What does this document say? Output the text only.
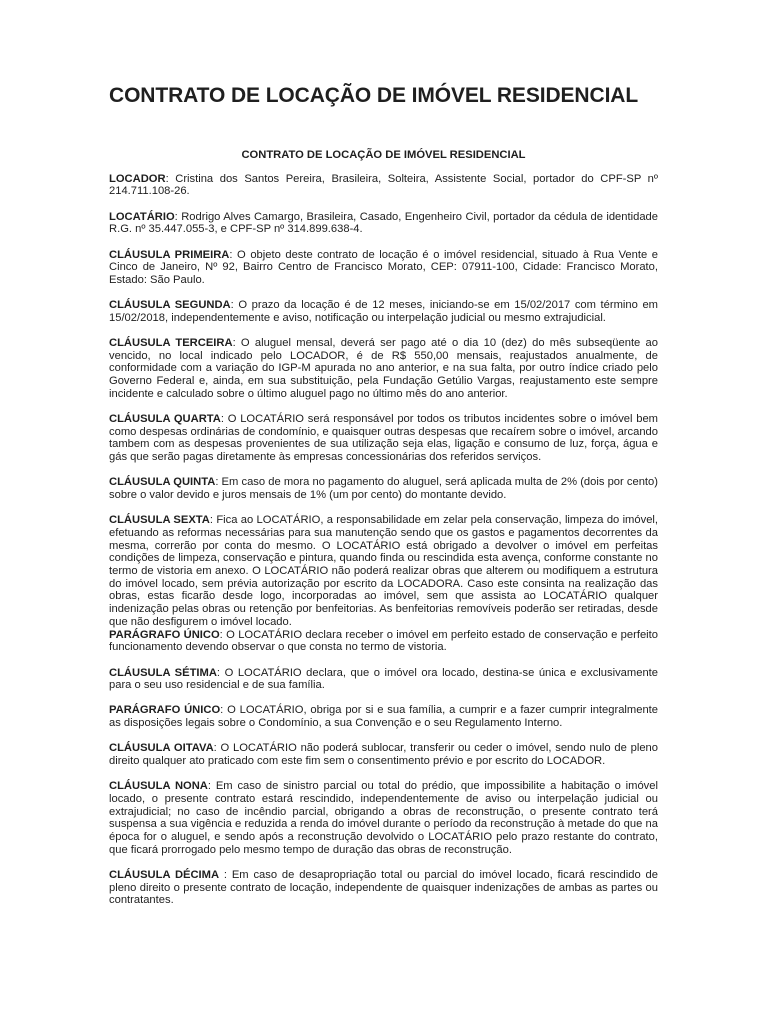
CONTRATO DE LOCAÇÃO DE IMÓVEL RESIDENCIAL
CONTRATO DE LOCAÇÃO DE IMÓVEL RESIDENCIAL

LOCADOR: Cristina dos Santos Pereira, Brasileira, Solteira, Assistente Social, portador do CPF-SP nº 214.711.108-26.

LOCATÁRIO: Rodrigo Alves Camargo, Brasileira, Casado, Engenheiro Civil, portador da cédula de identidade R.G. nº 35.447.055-3, e CPF-SP nº 314.899.638-4.

CLÁUSULA PRIMEIRA: O objeto deste contrato de locação é o imóvel residencial, situado à Rua Vente e Cinco de Janeiro, Nº 92, Bairro Centro de Francisco Morato, CEP: 07911-100, Cidade: Francisco Morato, Estado: São Paulo.

CLÁUSULA SEGUNDA: O prazo da locação é de 12 meses, iniciando-se em 15/02/2017 com término em 15/02/2018, independentemente e aviso, notificação ou interpelação judicial ou mesmo extrajudicial.

CLÁUSULA TERCEIRA: O aluguel mensal, deverá ser pago até o dia 10 (dez) do mês subseqüente ao vencido, no local indicado pelo LOCADOR, é de R$ 550,00 mensais, reajustados anualmente, de conformidade com a variação do IGP-M apurada no ano anterior, e na sua falta, por outro índice criado pelo Governo Federal e, ainda, em sua substituição, pela Fundação Getúlio Vargas, reajustamento este sempre incidente e calculado sobre o último aluguel pago no último mês do ano anterior.

CLÁUSULA QUARTA: O LOCATÁRIO será responsável por todos os tributos incidentes sobre o imóvel bem como despesas ordinárias de condomínio, e quaisquer outras despesas que recaírem sobre o imóvel, arcando tambem com as despesas provenientes de sua utilização seja elas, ligação e consumo de luz, força, água e gás que serão pagas diretamente às empresas concessionárias dos referidos serviços.

CLÁUSULA QUINTA: Em caso de mora no pagamento do aluguel, será aplicada multa de 2% (dois por cento) sobre o valor devido e juros mensais de 1% (um por cento) do montante devido.

CLÁUSULA SEXTA: Fica ao LOCATÁRIO, a responsabilidade em zelar pela conservação, limpeza do imóvel, efetuando as reformas necessárias para sua manutenção sendo que os gastos e pagamentos decorrentes da mesma, correrão por conta do mesmo. O LOCATÁRIO está obrigado a devolver o imóvel em perfeitas condições de limpeza, conservação e pintura, quando finda ou rescindida esta avença, conforme constante no termo de vistoria em anexo. O LOCATÁRIO não poderá realizar obras que alterem ou modifiquem a estrutura do imóvel locado, sem prévia autorização por escrito da LOCADORA. Caso este consinta na realização das obras, estas ficarão desde logo, incorporadas ao imóvel, sem que assista ao LOCATÁRIO qualquer indenização pelas obras ou retenção por benfeitorias. As benfeitorias removíveis poderão ser retiradas, desde que não desfigurem o imóvel locado.

PARÁGRAFO ÚNICO: O LOCATÁRIO declara receber o imóvel em perfeito estado de conservação e perfeito funcionamento devendo observar o que consta no termo de vistoria.

CLÁUSULA SÉTIMA: O LOCATÁRIO declara, que o imóvel ora locado, destina-se única e exclusivamente para o seu uso residencial e de sua família.

PARÁGRAFO ÚNICO: O LOCATÁRIO, obriga por si e sua família, a cumprir e a fazer cumprir integralmente as disposições legais sobre o Condomínio, a sua Convenção e o seu Regulamento Interno.

CLÁUSULA OITAVA: O LOCATÁRIO não poderá sublocar, transferir ou ceder o imóvel, sendo nulo de pleno direito qualquer ato praticado com este fim sem o consentimento prévio e por escrito do LOCADOR.

CLÁUSULA NONA: Em caso de sinistro parcial ou total do prédio, que impossibilite a habitação o imóvel locado, o presente contrato estará rescindido, independentemente de aviso ou interpelação judicial ou extrajudicial; no caso de incêndio parcial, obrigando a obras de reconstrução, o presente contrato terá suspensa a sua vigência e reduzida a renda do imóvel durante o período da reconstrução à metade do que na época for o aluguel, e sendo após a reconstrução devolvido o LOCATÁRIO pelo prazo restante do contrato, que ficará prorrogado pelo mesmo tempo de duração das obras de reconstrução.

CLÁUSULA DÉCIMA : Em caso de desapropriação total ou parcial do imóvel locado, ficará rescindido de pleno direito o presente contrato de locação, independente de quaisquer indenizações de ambas as partes ou contratantes.
